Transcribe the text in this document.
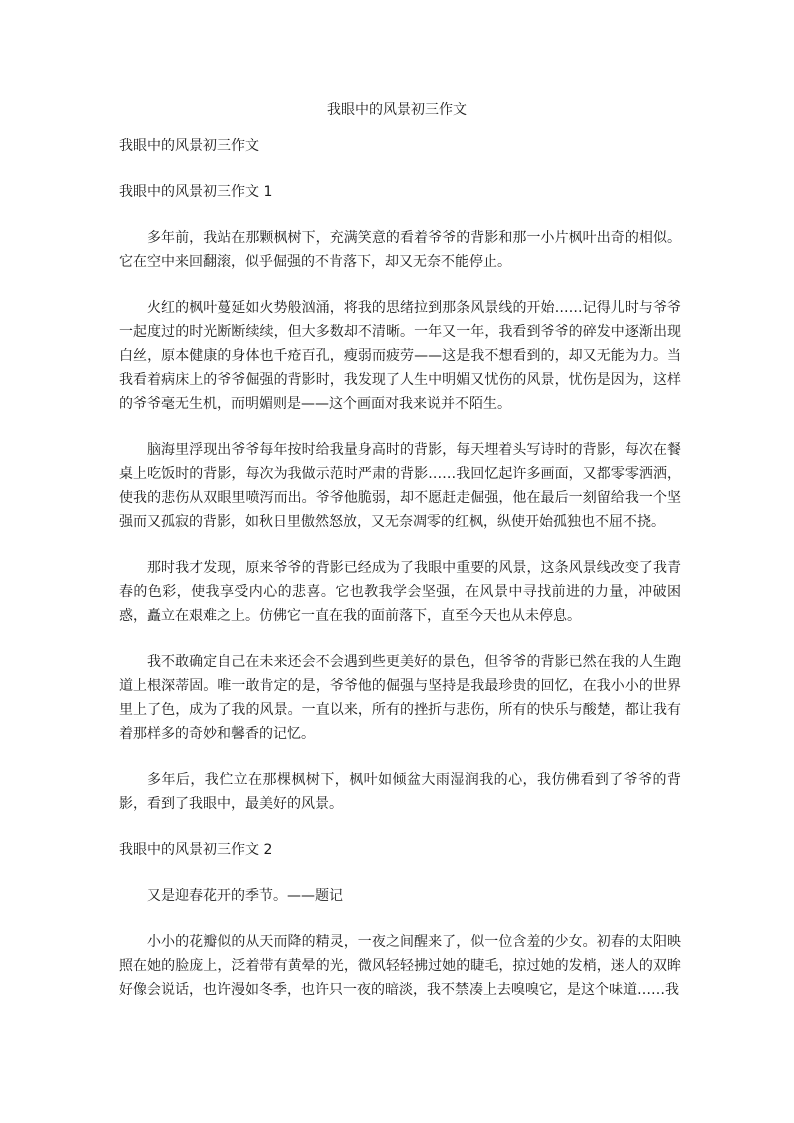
我眼中的风景初三作文

我眼中的风景初三作文

我眼中的风景初三作文 1

多年前，我站在那颗枫树下，充满笑意的看着爷爷的背影和那一小片枫叶出奇的相似。它在空中来回翻滚，似乎倔强的不肯落下，却又无奈不能停止。

火红的枫叶蔓延如火势般汹涌，将我的思绪拉到那条风景线的开始……记得儿时与爷爷一起度过的时光断断续续，但大多数却不清晰。一年又一年，我看到爷爷的碎发中逐渐出现白丝，原本健康的身体也千疮百孔，瘦弱而疲劳——这是我不想看到的，却又无能为力。当我看着病床上的爷爷倔强的背影时，我发现了人生中明媚又忧伤的风景，忧伤是因为，这样的爷爷毫无生机，而明媚则是——这个画面对我来说并不陌生。

脑海里浮现出爷爷每年按时给我量身高时的背影，每天埋着头写诗时的背影，每次在餐桌上吃饭时的背影，每次为我做示范时严肃的背影……我回忆起许多画面，又都零零洒洒，使我的悲伤从双眼里喷泻而出。爷爷他脆弱，却不愿赶走倔强，他在最后一刻留给我一个坚强而又孤寂的背影，如秋日里傲然怒放，又无奈凋零的红枫，纵使开始孤独也不屈不挠。

那时我才发现，原来爷爷的背影已经成为了我眼中重要的风景，这条风景线改变了我青春的色彩，使我享受内心的悲喜。它也教我学会坚强，在风景中寻找前进的力量，冲破困惑，矗立在艰难之上。仿佛它一直在我的面前落下，直至今天也从未停息。

我不敢确定自己在未来还会不会遇到些更美好的景色，但爷爷的背影已然在我的人生跑道上根深蒂固。唯一敢肯定的是，爷爷他的倔强与坚持是我最珍贵的回忆，在我小小的世界里上了色，成为了我的风景。一直以来，所有的挫折与悲伤，所有的快乐与酸楚，都让我有着那样多的奇妙和馨香的记忆。

多年后，我伫立在那棵枫树下，枫叶如倾盆大雨湿润我的心，我仿佛看到了爷爷的背影，看到了我眼中，最美好的风景。

我眼中的风景初三作文 2

又是迎春花开的季节。——题记

小小的花瓣似的从天而降的精灵，一夜之间醒来了，似一位含羞的少女。初春的太阳映照在她的脸庞上，泛着带有黄晕的光，微风轻轻拂过她的睫毛，掠过她的发梢，迷人的双眸好像会说话，也许漫如冬季，也许只一夜的暗淡，我不禁凑上去嗅嗅它，是这个味道……我
